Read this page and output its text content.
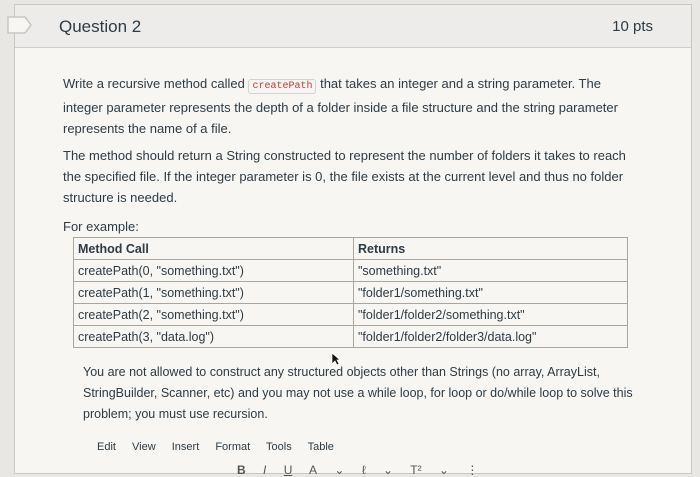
Question 2	10 pts
Write a recursive method called createPath that takes an integer and a string parameter. The integer parameter represents the depth of a folder inside a file structure and the string parameter represents the name of a file.
The method should return a String constructed to represent the number of folders it takes to reach the specified file. If the integer parameter is 0, the file exists at the current level and thus no folder structure is needed.
For example:
Method Call	Returns
createPath(0, "something.txt")	"something.txt"
createPath(1, "something.txt")	"folder1/something.txt"
createPath(2, "something.txt")	"folder1/folder2/something.txt"
createPath(3, "data.log")	"folder1/folder2/folder3/data.log"
You are not allowed to construct any structured objects other than Strings (no array, ArrayList, StringBuilder, Scanner, etc) and you may not use a while loop, for loop or do/while loop to solve this problem; you must use recursion.
Edit View Insert Format Tools Table
B I U A ⌄ ℓ ⌄ T² ⌄ ⋮
